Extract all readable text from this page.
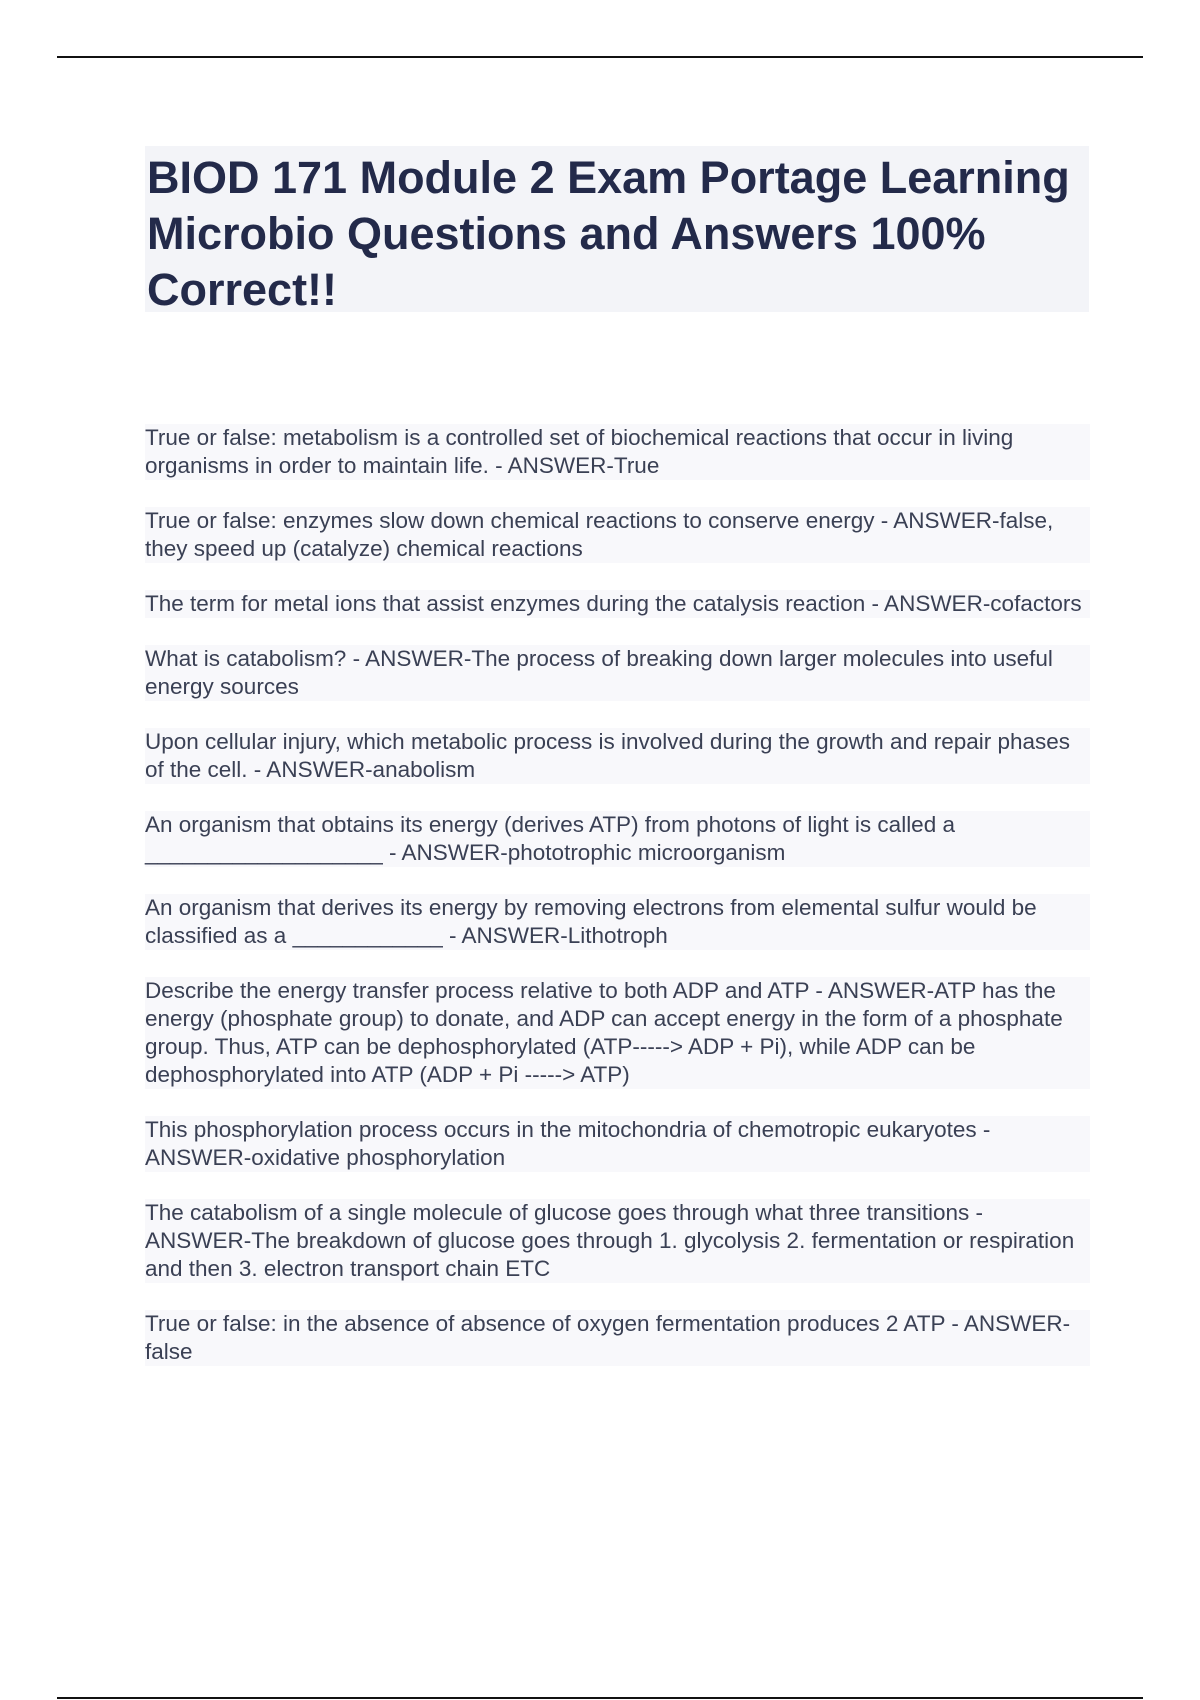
BIOD 171 Module 2 Exam Portage Learning Microbio Questions and Answers 100% Correct!!

True or false: metabolism is a controlled set of biochemical reactions that occur in living organisms in order to maintain life. - ANSWER-True

True or false: enzymes slow down chemical reactions to conserve energy - ANSWER-false, they speed up (catalyze) chemical reactions

The term for metal ions that assist enzymes during the catalysis reaction - ANSWER-cofactors

What is catabolism? - ANSWER-The process of breaking down larger molecules into useful energy sources

Upon cellular injury, which metabolic process is involved during the growth and repair phases of the cell. - ANSWER-anabolism

An organism that obtains its energy (derives ATP) from photons of light is called a ___________________ - ANSWER-phototrophic microorganism

An organism that derives its energy by removing electrons from elemental sulfur would be classified as a ____________ - ANSWER-Lithotroph

Describe the energy transfer process relative to both ADP and ATP - ANSWER-ATP has the energy (phosphate group) to donate, and ADP can accept energy in the form of a phosphate group. Thus, ATP can be dephosphorylated (ATP-----> ADP + Pi), while ADP can be dephosphorylated into ATP (ADP + Pi -----> ATP)

This phosphorylation process occurs in the mitochondria of chemotropic eukaryotes - ANSWER-oxidative phosphorylation

The catabolism of a single molecule of glucose goes through what three transitions - ANSWER-The breakdown of glucose goes through 1. glycolysis 2. fermentation or respiration and then 3. electron transport chain ETC

True or false: in the absence of absence of oxygen fermentation produces 2 ATP - ANSWER-false
